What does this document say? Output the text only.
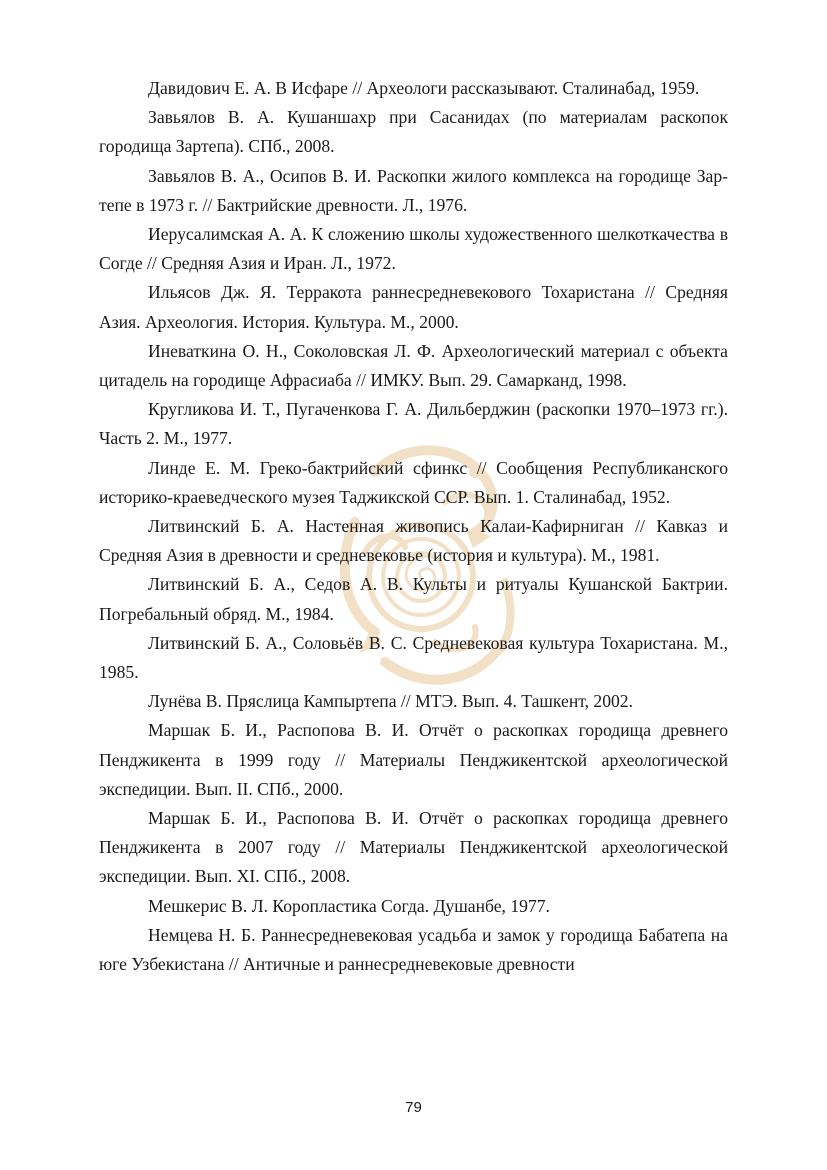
Давидович Е. А. В Исфаре // Археологи рассказывают. Сталинабад, 1959.

Завьялов В. А. Кушаншахр при Сасанидах (по материалам раскопок городища Зартепа). СПб., 2008.

Завьялов В. А., Осипов В. И. Раскопки жилого комплекса на городище Зар-тепе в 1973 г. // Бактрийские древности. Л., 1976.

Иерусалимская А. А. К сложению школы художественного шелкоткачества в Согде // Средняя Азия и Иран. Л., 1972.

Ильясов Дж. Я. Терракота раннесредневекового Тохаристана // Средняя Азия. Археология. История. Культура. М., 2000.

Иневаткина О. Н., Соколовская Л. Ф. Археологический материал с объекта цитадель на городище Афрасиаба // ИМКУ. Вып. 29. Самарканд, 1998.

Кругликова И. Т., Пугаченкова Г. А. Дильберджин (раскопки 1970–1973 гг.). Часть 2. М., 1977.

Линде Е. М. Греко-бактрийский сфинкс // Сообщения Республиканского историко-краеведческого музея Таджикской ССР. Вып. 1. Сталинабад, 1952.

Литвинский Б. А. Настенная живопись Калаи-Кафирниган // Кавказ и Средняя Азия в древности и средневековье (история и культура). М., 1981.

Литвинский Б. А., Седов А. В. Культы и ритуалы Кушанской Бактрии. Погребальный обряд. М., 1984.

Литвинский Б. А., Соловьёв В. С. Средневековая культура Тохаристана. М., 1985.

Лунёва В. Пряслица Кампыртепа // МТЭ. Вып. 4. Ташкент, 2002.

Маршак Б. И., Распопова В. И. Отчёт о раскопках городища древнего Пенджикента в 1999 году // Материалы Пенджикентской археологической экспедиции. Вып. II. СПб., 2000.

Маршак Б. И., Распопова В. И. Отчёт о раскопках городища древнего Пенджикента в 2007 году // Материалы Пенджикентской археологической экспедиции. Вып. XI. СПб., 2008.

Мешкерис В. Л. Коропластика Согда. Душанбе, 1977.

Немцева Н. Б. Раннесредневековая усадьба и замок у городища Бабатепа на юге Узбекистана // Античные и раннесредневековые древности

79
